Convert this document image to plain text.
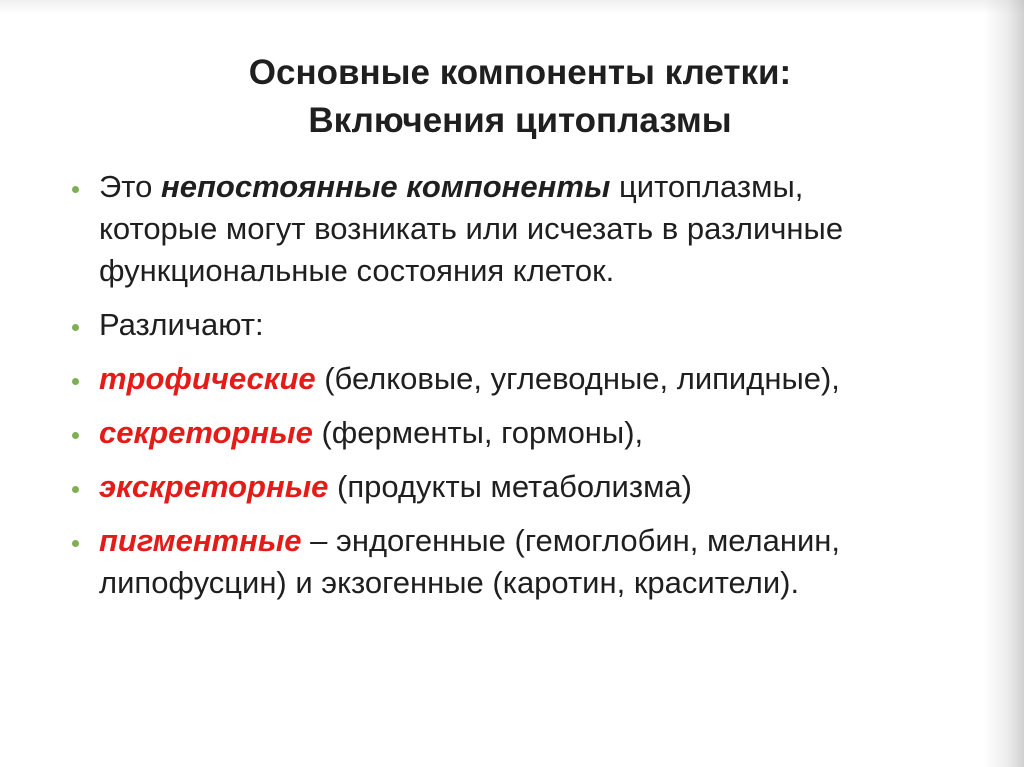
Основные компоненты клетки:
Включения цитоплазмы
Это непостоянные компоненты цитоплазмы, которые могут возникать или исчезать в различные функциональные состояния клеток.
Различают:
трофические (белковые, углеводные, липидные),
секреторные (ферменты, гормоны),
экскреторные (продукты метаболизма)
пигментные – эндогенные (гемоглобин, меланин, липофусцин) и экзогенные (каротин, красители).
